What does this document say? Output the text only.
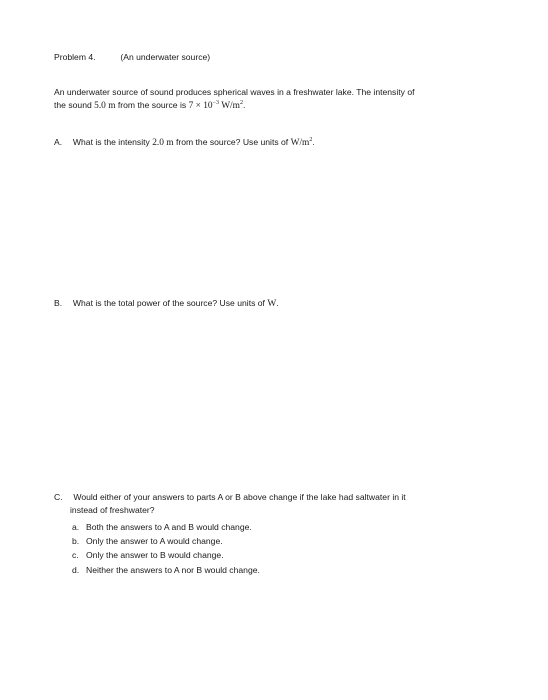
Problem 4.	(An underwater source)
An underwater source of sound produces spherical waves in a freshwater lake. The intensity of
the sound 5.0 m from the source is $7 \times 10^{-3}$ $W/m^2$.
A. What is the intensity 2.0 m from the source? Use units of $W/m^2$.
B. What is the total power of the source? Use units of W.
C. Would either of your answers to parts A or B above change if the lake had saltwater in it
instead of freshwater?
a. Both the answers to A and B would change.
b. Only the answer to A would change.
c. Only the answer to B would change.
d. Neither the answers to A nor B would change.
